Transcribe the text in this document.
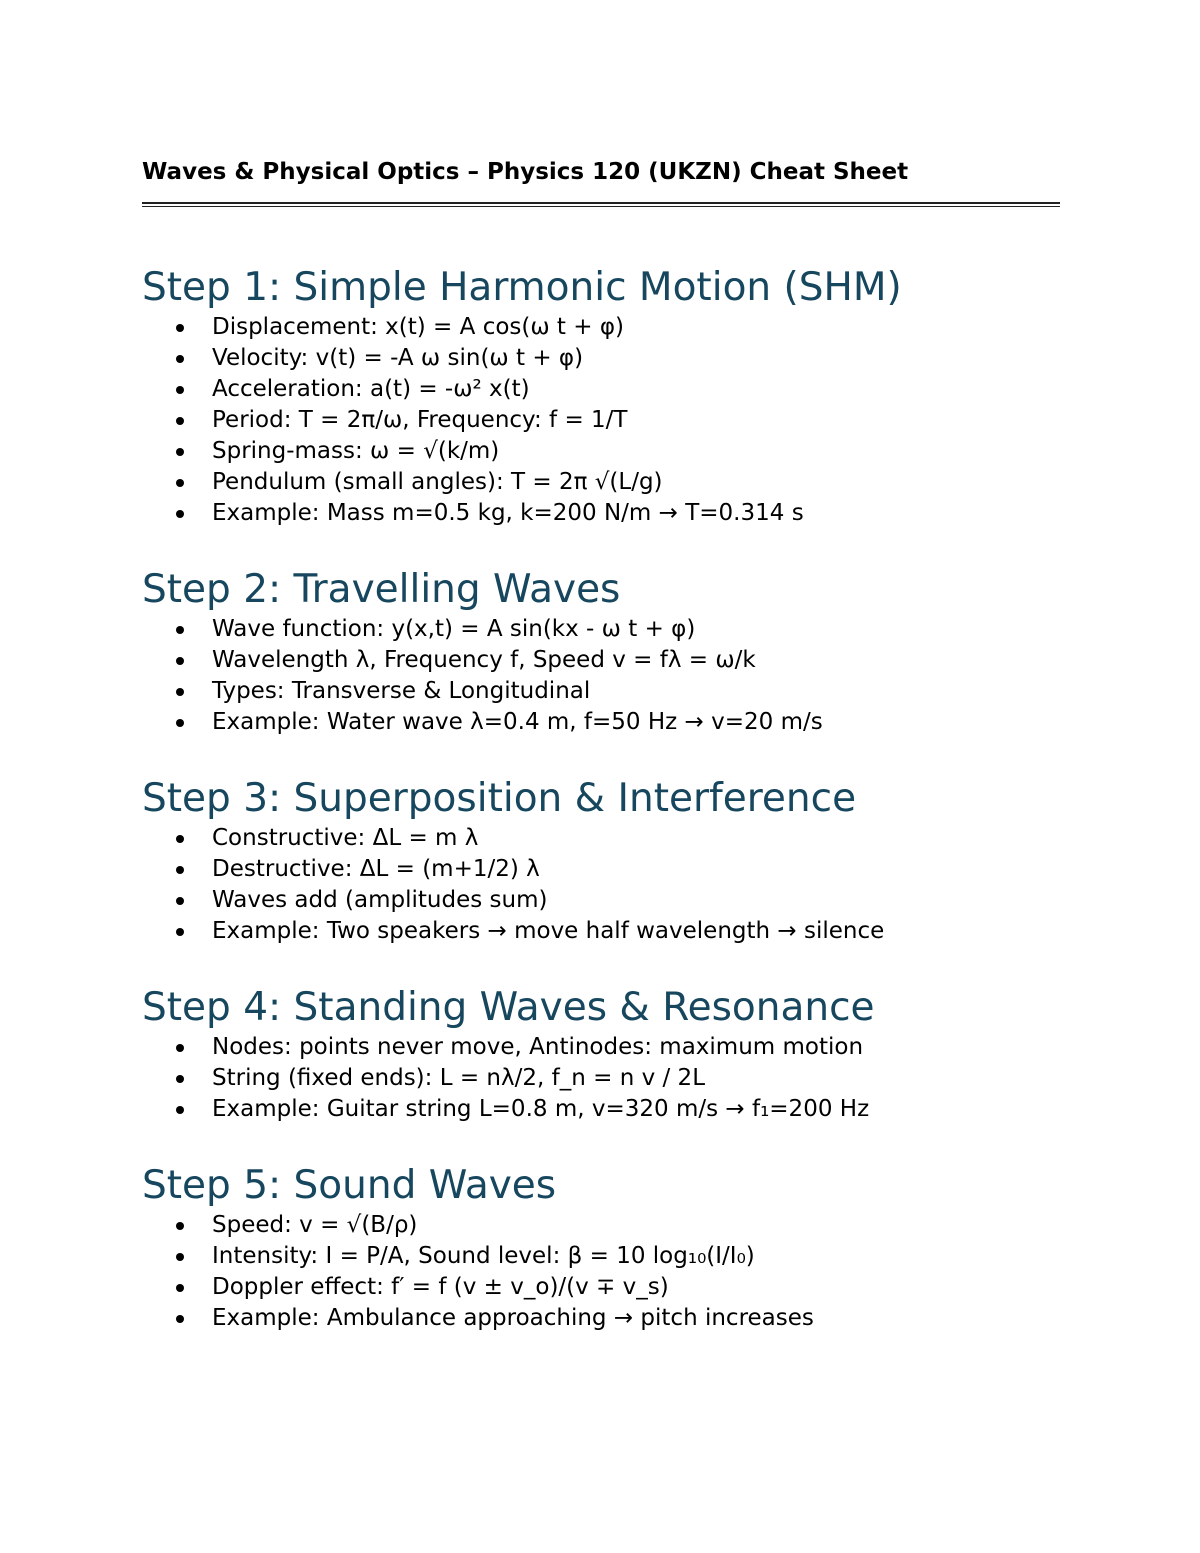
Waves & Physical Optics – Physics 120 (UKZN) Cheat Sheet
Step 1: Simple Harmonic Motion (SHM)
Displacement: x(t) = A cos(ω t + φ)
Velocity: v(t) = -A ω sin(ω t + φ)
Acceleration: a(t) = -ω² x(t)
Period: T = 2π/ω, Frequency: f = 1/T
Spring-mass: ω = √(k/m)
Pendulum (small angles): T = 2π √(L/g)
Example: Mass m=0.5 kg, k=200 N/m → T=0.314 s
Step 2: Travelling Waves
Wave function: y(x,t) = A sin(kx - ω t + φ)
Wavelength λ, Frequency f, Speed v = fλ = ω/k
Types: Transverse & Longitudinal
Example: Water wave λ=0.4 m, f=50 Hz → v=20 m/s
Step 3: Superposition & Interference
Constructive: ΔL = m λ
Destructive: ΔL = (m+1/2) λ
Waves add (amplitudes sum)
Example: Two speakers → move half wavelength → silence
Step 4: Standing Waves & Resonance
Nodes: points never move, Antinodes: maximum motion
String (fixed ends): L = nλ/2, f_n = n v / 2L
Example: Guitar string L=0.8 m, v=320 m/s → f₁=200 Hz
Step 5: Sound Waves
Speed: v = √(B/ρ)
Intensity: I = P/A, Sound level: β = 10 log₁₀(I/I₀)
Doppler effect: f′ = f (v ± v_o)/(v ∓ v_s)
Example: Ambulance approaching → pitch increases
